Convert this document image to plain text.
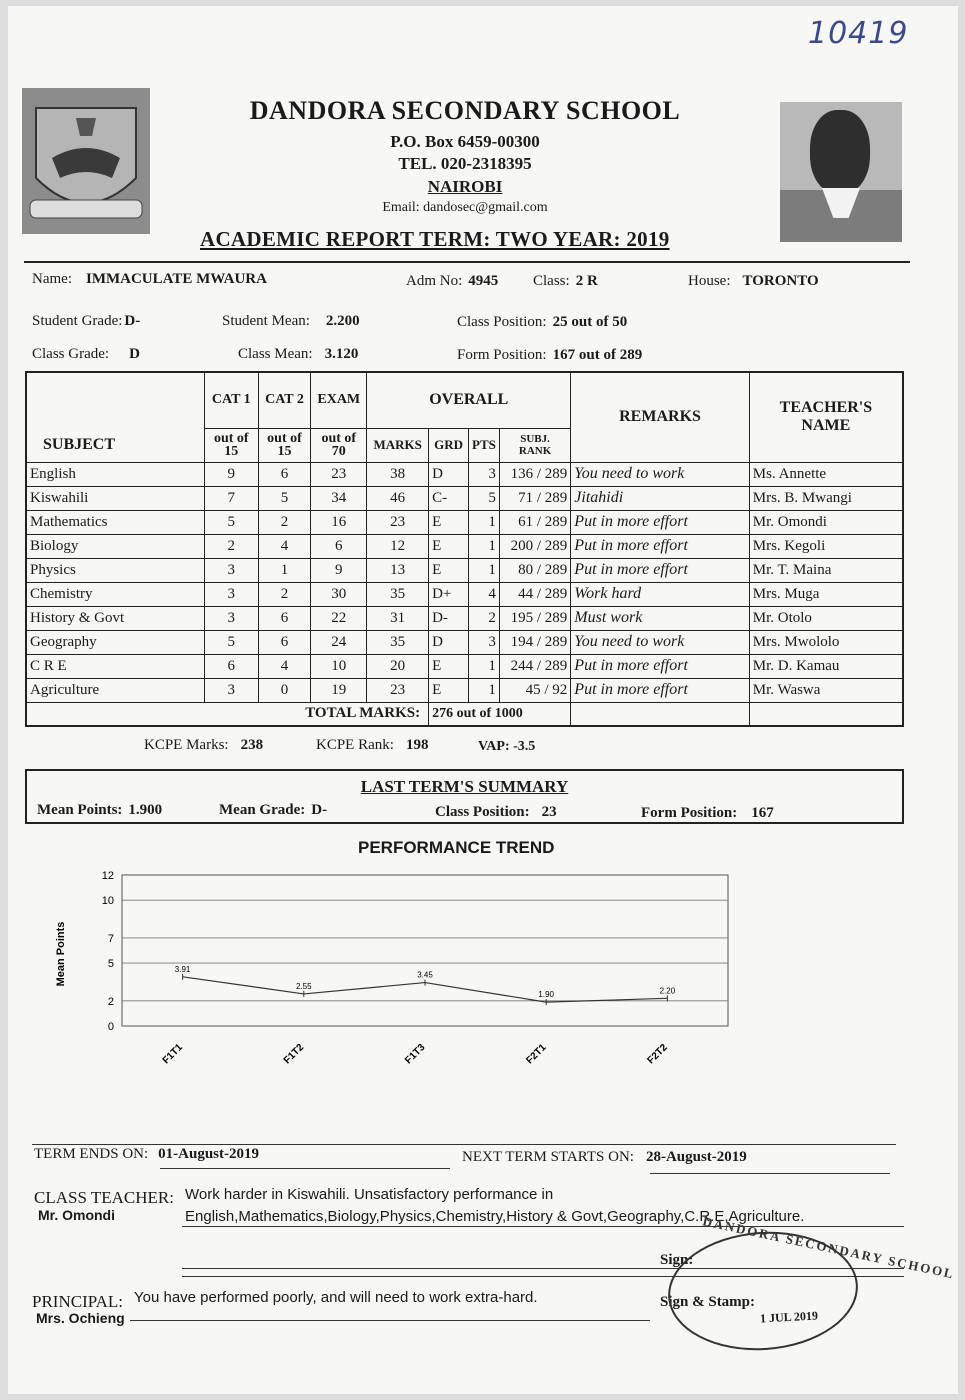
10419
DANDORA SECONDARY SCHOOL
P.O. Box 6459-00300
TEL. 020-2318395
NAIROBI
Email: dandosec@gmail.com
ACADEMIC REPORT TERM: TWO YEAR: 2019
Name: IMMACULATE MWAURA	Adm No: 4945 Class: 2 R	House: TORONTO
Student Grade: D-	Student Mean: 2.200	Class Position: 25 out of 50
Class Grade: D	Class Mean: 3.120	Form Position: 167 out of 289
SUBJECT	CAT 1	CAT 2	EXAM	OVERALL				REMARKS	TEACHER'S NAME
	out of 15	out of 15	out of 70	MARKS	GRD	PTS	SUBJ. RANK		
English	9	6	23	38	D	3	136 / 289	You need to work	Ms. Annette
Kiswahili	7	5	34	46	C-	5	71 / 289	Jitahidi	Mrs. B. Mwangi
Mathematics	5	2	16	23	E	1	61 / 289	Put in more effort	Mr. Omondi
Biology	2	4	6	12	E	1	200 / 289	Put in more effort	Mrs. Kegoli
Physics	3	1	9	13	E	1	80 / 289	Put in more effort	Mr. T. Maina
Chemistry	3	2	30	35	D+	4	44 / 289	Work hard	Mrs. Muga
History & Govt	3	6	22	31	D-	2	195 / 289	Must work	Mr. Otolo
Geography	5	6	24	35	D	3	194 / 289	You need to work	Mrs. Mwololo
C R E	6	4	10	20	E	1	244 / 289	Put in more effort	Mr. D. Kamau
Agriculture	3	0	19	23	E	1	45 / 92	Put in more effort	Mr. Waswa
TOTAL MARKS:					276 out of 1000				
KCPE Marks: 238	KCPE Rank: 198	VAP: -3.5
LAST TERM'S SUMMARY
Mean Points: 1.900	Mean Grade: D-	Class Position: 23	Form Position: 167
PERFORMANCE TREND
Mean Points
0
2
5
7
10
12
F1T1	F1T2	F1T3	F2T1	F2T2
3.91
2.55
3.45
1.90	2.20
TERM ENDS ON: 01-August-2019	NEXT TERM STARTS ON: 28-August-2019
CLASS TEACHER:
Mr. Omondi
Work harder in Kiswahili. Unsatisfactory performance in
English,Mathematics,Biology,Physics,Chemistry,History & Govt,Geography,C.R.E,Agriculture.
Sign:
PRINCIPAL:
Mrs. Ochieng
You have performed poorly, and will need to work extra-hard.	Sign & Stamp:
DANDORA SECONDARY SCHOOL
1 JUL 2019
